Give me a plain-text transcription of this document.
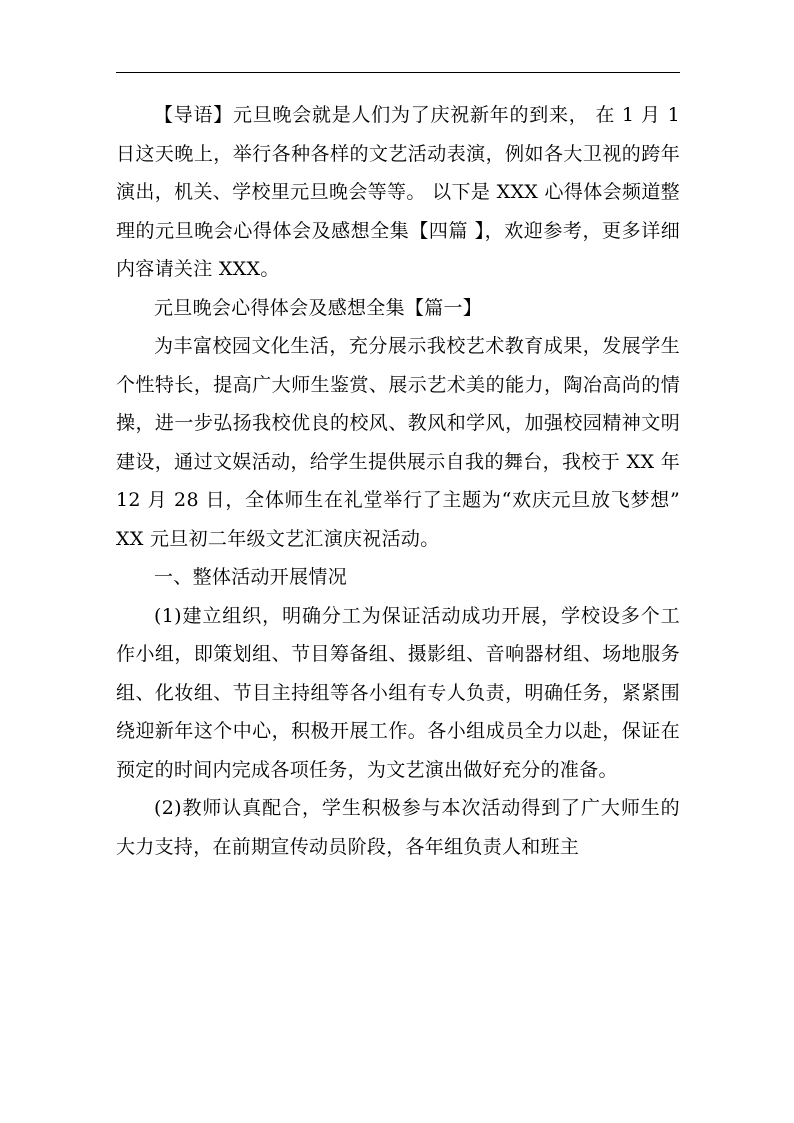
【导语】元旦晚会就是人们为了庆祝新年的到来， 在 1 月 1 日这天晚上，举行各种各样的文艺活动表演，例如各大卫视的跨年演出，机关、学校里元旦晚会等等。 以下是 XXX 心得体会频道整理的元旦晚会心得体会及感想全集【四篇 】，欢迎参考，更多详细内容请关注 XXX。

元旦晚会心得体会及感想全集【篇一】

为丰富校园文化生活，充分展示我校艺术教育成果，发展学生个性特长，提高广大师生鉴赏、展示艺术美的能力，陶冶高尚的情操，进一步弘扬我校优良的校风、教风和学风，加强校园精神文明建设，通过文娱活动，给学生提供展示自我的舞台，我校于 XX 年 12 月 28 日，全体师生在礼堂举行了主题为“欢庆元旦放飞梦想”XX 元旦初二年级文艺汇演庆祝活动。

一、整体活动开展情况

(1)建立组织，明确分工为保证活动成功开展，学校设多个工作小组，即策划组、节目筹备组、摄影组、音响器材组、场地服务组、化妆组、节目主持组等各小组有专人负责，明确任务，紧紧围绕迎新年这个中心，积极开展工作。各小组成员全力以赴，保证在预定的时间内完成各项任务，为文艺演出做好充分的准备。

(2)教师认真配合，学生积极参与本次活动得到了广大师生的大力支持，在前期宣传动员阶段，各年组负责人和班主
